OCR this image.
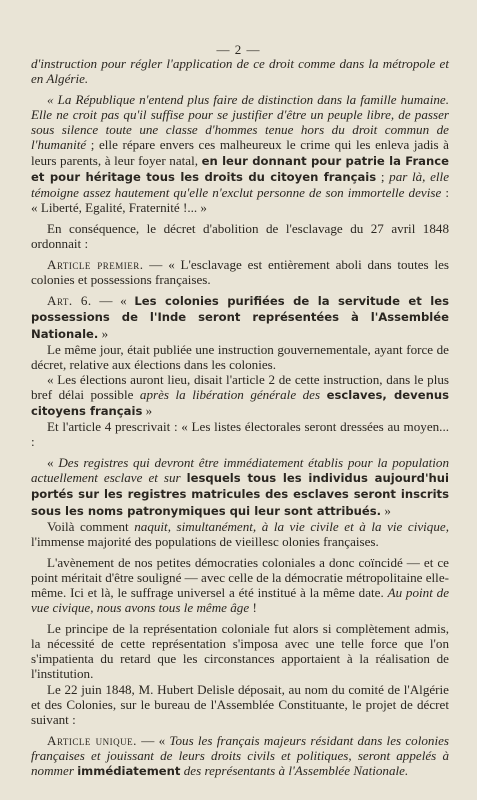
— 2 —

d'instruction pour régler l'application de ce droit comme dans la métropole et en Algérie.

« La République n'entend plus faire de distinction dans la famille humaine. Elle ne croit pas qu'il suffise pour se justifier d'être un peuple libre, de passer sous silence toute une classe d'hommes tenue hors du droit commun de l'humanité ; elle répare envers ces malheureux le crime qui les enleva jadis à leurs parents, à leur foyer natal, en leur donnant pour patrie la France et pour héritage tous les droits du citoyen français ; par là, elle témoigne assez hautement qu'elle n'exclut personne de son immortelle devise : « Liberté, Egalité, Fraternité !... »

En conséquence, le décret d'abolition de l'esclavage du 27 avril 1848 ordonnait :

Article premier. — « L'esclavage est entièrement aboli dans toutes les colonies et possessions françaises.

Art. 6. — « Les colonies purifiées de la servitude et les possessions de l'Inde seront représentées à l'Assemblée Nationale. »

Le même jour, était publiée une instruction gouvernementale, ayant force de décret, relative aux élections dans les colonies.

« Les élections auront lieu, disait l'article 2 de cette instruction, dans le plus bref délai possible après la libération générale des esclaves, devenus citoyens français »

Et l'article 4 prescrivait : « Les listes électorales seront dressées au moyen... :

« Des registres qui devront être immédiatement établis pour la population actuellement esclave et sur lesquels tous les individus aujourd'hui portés sur les registres matricules des esclaves seront inscrits sous les noms patronymiques qui leur sont attribués. »

Voilà comment naquit, simultanément, à la vie civile et à la vie civique, l'immense majorité des populations de vieillesc olonies françaises.

L'avènement de nos petites démocraties coloniales a donc coïncidé — et ce point méritait d'être souligné — avec celle de la démocratie métropolitaine elle-même. Ici et là, le suffrage universel a été institué à la même date. Au point de vue civique, nous avons tous le même âge !

Le principe de la représentation coloniale fut alors si complètement admis, la nécessité de cette représentation s'imposa avec une telle force que l'on s'impatienta du retard que les circonstances apportaient à la réalisation de l'institution.

Le 22 juin 1848, M. Hubert Delisle déposait, au nom du comité de l'Algérie et des Colonies, sur le bureau de l'Assemblée Constituante, le projet de décret suivant :

Article unique. — « Tous les français majeurs résidant dans les colonies françaises et jouissant de leurs droits civils et politiques, seront appelés à nommer immédiatement des représentants à l'Assemblée Nationale.
